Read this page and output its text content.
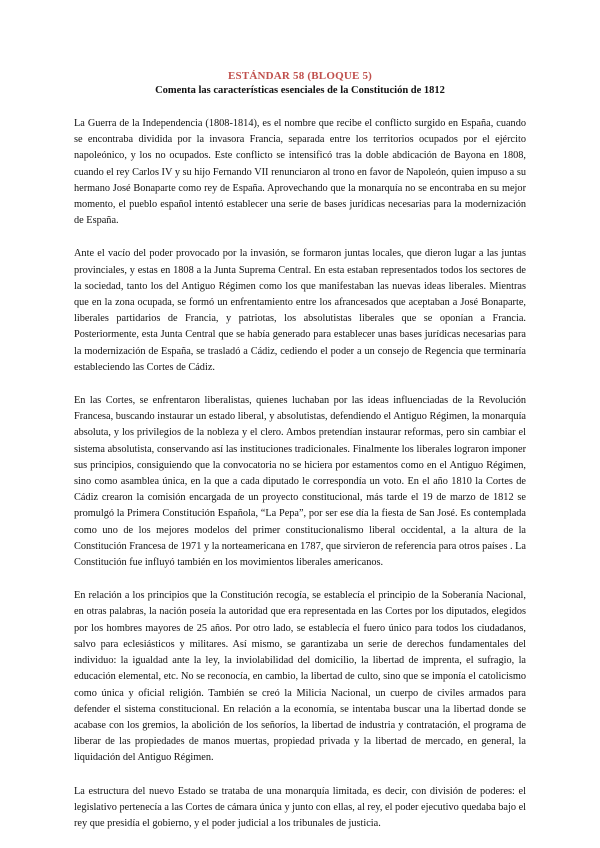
ESTÁNDAR 58 (BLOQUE 5)
Comenta las características esenciales de la Constitución de 1812

La Guerra de la Independencia (1808-1814), es el nombre que recibe el conflicto surgido en España, cuando se encontraba dividida por la invasora Francia, separada entre los territorios ocupados por el ejército napoleónico, y los no ocupados. Este conflicto se intensificó tras la doble abdicación de Bayona en 1808, cuando el rey Carlos IV y su hijo Fernando VII renunciaron al trono en favor de Napoleón, quien impuso a su hermano José Bonaparte como rey de España. Aprovechando que la monarquía no se encontraba en su mejor momento, el pueblo español intentó establecer una serie de bases jurídicas necesarias para la modernización de España.

Ante el vacío del poder provocado por la invasión, se formaron juntas locales, que dieron lugar a las juntas provinciales, y estas en 1808 a la Junta Suprema Central. En esta estaban representados todos los sectores de la sociedad, tanto los del Antiguo Régimen como los que manifestaban las nuevas ideas liberales. Mientras que en la zona ocupada, se formó un enfrentamiento entre los afrancesados que aceptaban a José Bonaparte, liberales partidarios de Francia, y patriotas, los absolutistas liberales que se oponían a Francia. Posteriormente, esta Junta Central que se había generado para establecer unas bases jurídicas necesarias para la modernización de España, se trasladó a Cádiz, cediendo el poder a un consejo de Regencia que terminaría estableciendo las Cortes de Cádiz.

En las Cortes, se enfrentaron liberalistas, quienes luchaban por las ideas influenciadas de la Revolución Francesa, buscando instaurar un estado liberal, y absolutistas, defendiendo el Antiguo Régimen, la monarquía absoluta, y los privilegios de la nobleza y el clero. Ambos pretendían instaurar reformas, pero sin cambiar el sistema absolutista, conservando así las instituciones tradicionales. Finalmente los liberales lograron imponer sus principios, consiguiendo que la convocatoria no se hiciera por estamentos como en el Antiguo Régimen, sino como asamblea única, en la que a cada diputado le correspondía un voto. En el año 1810 la Cortes de Cádiz crearon la comisión encargada de un proyecto constitucional, más tarde el 19 de marzo de 1812 se promulgó la Primera Constitución Española, “La Pepa”, por ser ese día la fiesta de San José. Es contemplada como uno de los mejores modelos del primer constitucionalismo liberal occidental, a la altura de la Constitución Francesa de 1971 y la norteamericana en 1787, que sirvieron de referencia para otros países . La Constitución fue influyó también en los movimientos liberales americanos.

En relación a los principios que la Constitución recogía, se establecía el principio de la Soberanía Nacional, en otras palabras, la nación poseía la autoridad que era representada en las Cortes por los diputados, elegidos por los hombres mayores de 25 años. Por otro lado, se establecía el fuero único para todos los ciudadanos, salvo para eclesiásticos y militares. Así mismo, se garantizaba un serie de derechos fundamentales del individuo: la igualdad ante la ley, la inviolabilidad del domicilio, la libertad de imprenta, el sufragio, la educación elemental, etc. No se reconocía, en cambio, la libertad de culto, sino que se imponía el catolicismo como única y oficial religión. También se creó la Milicia Nacional, un cuerpo de civiles armados para defender el sistema constitucional. En relación a la economía, se intentaba buscar una la libertad donde se acabase con los gremios, la abolición de los señoríos, la libertad de industria y contratación, el programa de liberar de las propiedades de manos muertas, propiedad privada y la libertad de mercado, en general, la liquidación del Antiguo Régimen.

La estructura del nuevo Estado se trataba de una monarquía limitada, es decir, con división de poderes: el legislativo pertenecía a las Cortes de cámara única y junto con ellas, al rey, el poder ejecutivo quedaba bajo el rey que presidía el gobierno, y el poder judicial a los tribunales de justicia.
